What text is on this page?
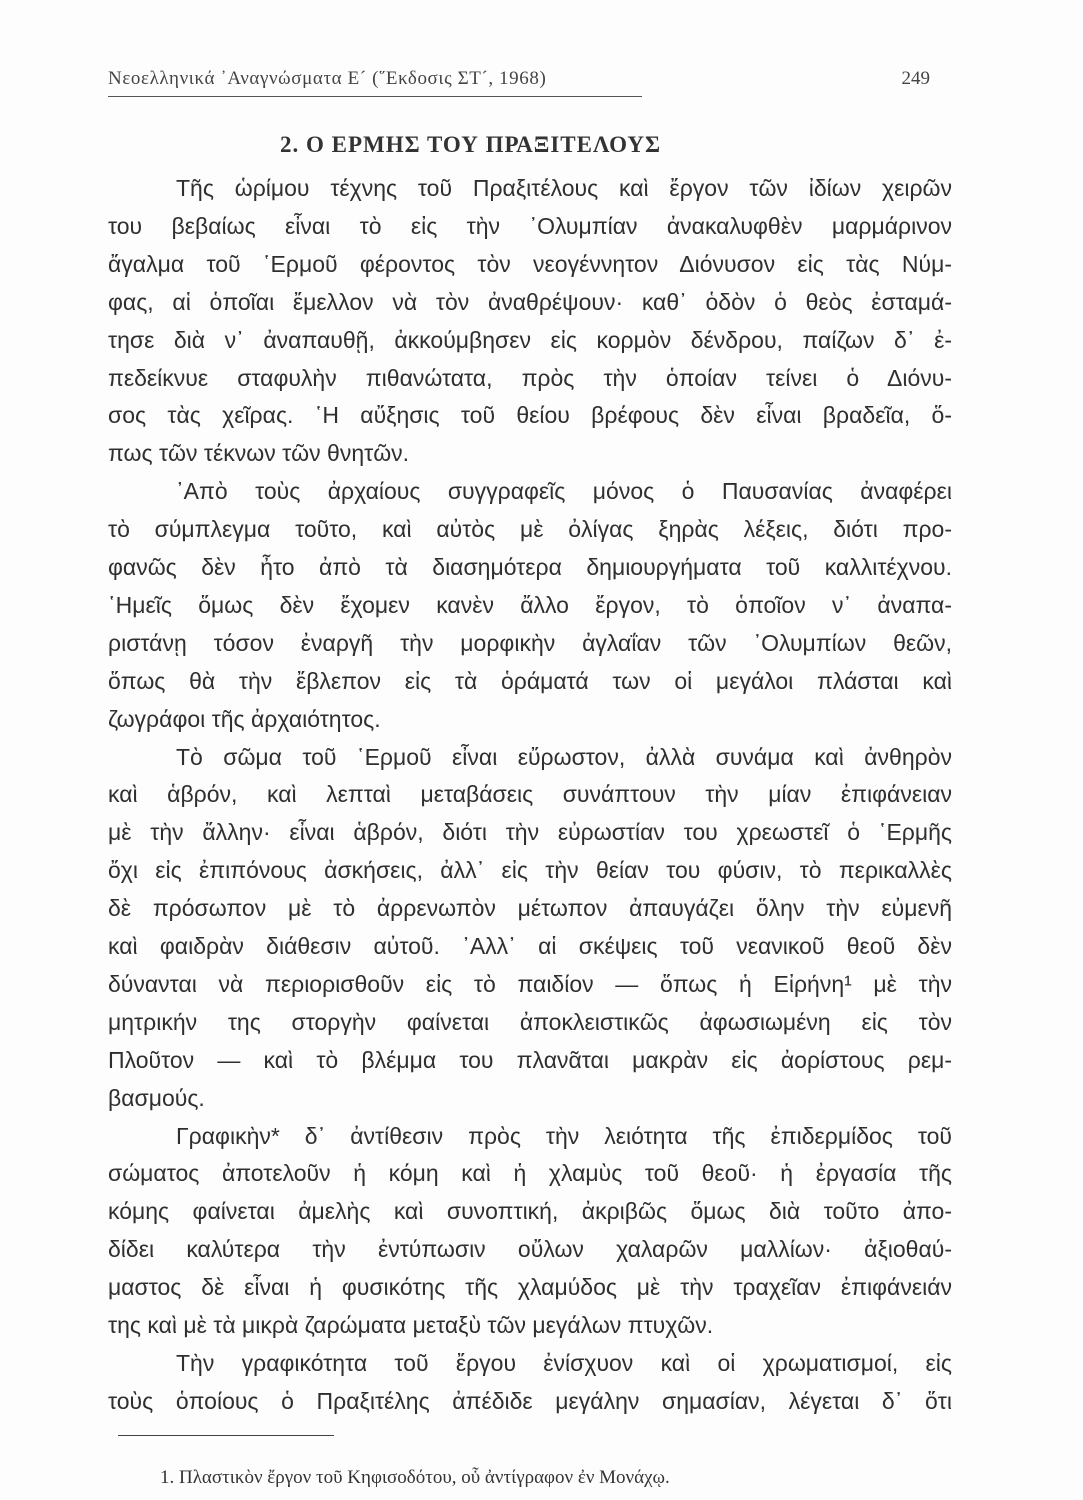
Νεοελληνικά ᾿Αναγνώσματα Ε´ (῞Εκδοσις ΣΤ´, 1968)	249
2. Ο ΕΡΜΗΣ ΤΟΥ ΠΡΑΞΙΤΕΛΟΥΣ
Τῆς ὡρίμου τέχνης τοῦ Πραξιτέλους καὶ ἔργον τῶν ἰδίων χειρῶν
του βεβαίως εἶναι τὸ εἰς τὴν ᾿Ολυμπίαν ἀνακαλυφθὲν μαρμάρινον
ἄγαλμα τοῦ ῾Ερμοῦ φέροντος τὸν νεογέννητον Διόνυσον εἰς τὰς Νύμ-
φας, αἱ ὁποῖαι ἔμελλον νὰ τὸν ἀναθρέψουν· καθ᾿ ὁδὸν ὁ θεὸς ἐσταμά-
τησε διὰ ν᾿ ἀναπαυθῇ, ἀκκούμβησεν εἰς κορμὸν δένδρου, παίζων δ᾿ ἐ-
πεδείκνυε σταφυλὴν πιθανώτατα, πρὸς τὴν ὁποίαν τείνει ὁ Διόνυ-
σος τὰς χεῖρας. ῾Η αὔξησις τοῦ θείου βρέφους δὲν εἶναι βραδεῖα, ὅ-
πως τῶν τέκνων τῶν θνητῶν.
᾿Απὸ τοὺς ἀρχαίους συγγραφεῖς μόνος ὁ Παυσανίας ἀναφέρει
τὸ σύμπλεγμα τοῦτο, καὶ αὐτὸς μὲ ὀλίγας ξηρὰς λέξεις, διότι προ-
φανῶς δὲν ἦτο ἀπὸ τὰ διασημότερα δημιουργήματα τοῦ καλλιτέχνου.
῾Ημεῖς ὅμως δὲν ἔχομεν κανὲν ἄλλο ἔργον, τὸ ὁποῖον ν᾿ ἀναπα-
ριστάνῃ τόσον ἐναργῆ τὴν μορφικὴν ἀγλαΐαν τῶν ᾿Ολυμπίων θεῶν,
ὅπως θὰ τὴν ἔβλεπον εἰς τὰ ὁράματά των οἱ μεγάλοι πλάσται καὶ
ζωγράφοι τῆς ἀρχαιότητος.
Τὸ σῶμα τοῦ ῾Ερμοῦ εἶναι εὔρωστον, ἀλλὰ συνάμα καὶ ἀνθηρὸν
καὶ ἁβρόν, καὶ λεπταὶ μεταβάσεις συνάπτουν τὴν μίαν ἐπιφάνειαν
μὲ τὴν ἄλλην· εἶναι ἁβρόν, διότι τὴν εὐρωστίαν του χρεωστεῖ ὁ ῾Ερμῆς
ὄχι εἰς ἐπιπόνους ἀσκήσεις, ἀλλ᾿ εἰς τὴν θείαν του φύσιν, τὸ περικαλλὲς
δὲ πρόσωπον μὲ τὸ ἀρρενωπὸν μέτωπον ἀπαυγάζει ὅλην τὴν εὐμενῆ
καὶ φαιδρὰν διάθεσιν αὐτοῦ. ᾿Αλλ᾿ αἱ σκέψεις τοῦ νεανικοῦ θεοῦ δὲν
δύνανται νὰ περιορισθοῦν εἰς τὸ παιδίον — ὅπως ἡ Εἰρήνη¹ μὲ τὴν
μητρικήν της στοργὴν φαίνεται ἀποκλειστικῶς ἀφωσιωμένη εἰς τὸν
Πλοῦτον — καὶ τὸ βλέμμα του πλανᾶται μακρὰν εἰς ἀορίστους ρεμ-
βασμούς.
Γραφικὴν* δ᾿ ἀντίθεσιν πρὸς τὴν λειότητα τῆς ἐπιδερμίδος τοῦ
σώματος ἀποτελοῦν ἡ κόμη καὶ ἡ χλαμὺς τοῦ θεοῦ· ἡ ἐργασία τῆς
κόμης φαίνεται ἀμελὴς καὶ συνοπτική, ἀκριβῶς ὅμως διὰ τοῦτο ἀπο-
δίδει καλύτερα τὴν ἐντύπωσιν οὔλων χαλαρῶν μαλλίων· ἀξιοθαύ-
μαστος δὲ εἶναι ἡ φυσικότης τῆς χλαμύδος μὲ τὴν τραχεῖαν ἐπιφάνειάν
της καὶ μὲ τὰ μικρὰ ζαρώματα μεταξὺ τῶν μεγάλων πτυχῶν.
Τὴν γραφικότητα τοῦ ἔργου ἐνίσχυον καὶ οἱ χρωματισμοί, εἰς
τοὺς ὁποίους ὁ Πραξιτέλης ἀπέδιδε μεγάλην σημασίαν, λέγεται δ᾿ ὅτι
1. Πλαστικὸν ἔργον τοῦ Κηφισοδότου, οὗ ἀντίγραφον ἐν Μονάχῳ.
